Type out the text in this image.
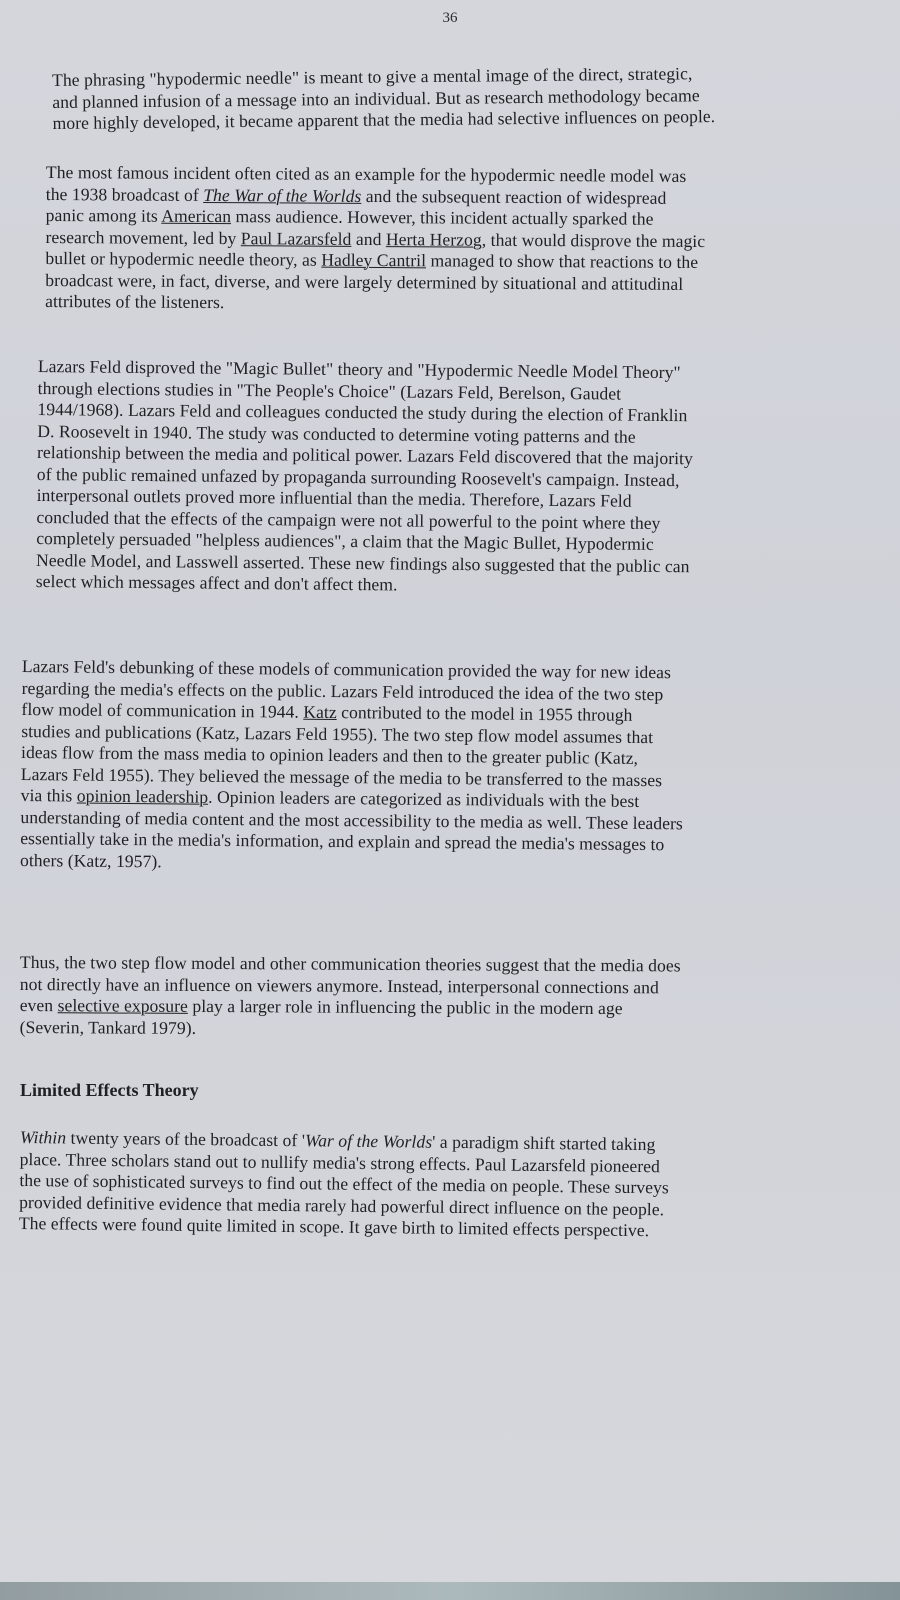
36

The phrasing "hypodermic needle" is meant to give a mental image of the direct, strategic,

and planned infusion of a message into an individual. But as research methodology became

more highly developed, it became apparent that the media had selective influences on people.

The most famous incident often cited as an example for the hypodermic needle model was

the 1938 broadcast of The War of the Worlds and the subsequent reaction of widespread

panic among its American mass audience. However, this incident actually sparked the

research movement, led by Paul Lazarsfeld and Herta Herzog, that would disprove the magic

bullet or hypodermic needle theory, as Hadley Cantril managed to show that reactions to the

broadcast were, in fact, diverse, and were largely determined by situational and attitudinal

attributes of the listeners.

Lazars Feld disproved the "Magic Bullet" theory and "Hypodermic Needle Model Theory"

through elections studies in "The People's Choice" (Lazars Feld, Berelson, Gaudet

1944/1968). Lazars Feld and colleagues conducted the study during the election of Franklin

D. Roosevelt in 1940. The study was conducted to determine voting patterns and the

relationship between the media and political power. Lazars Feld discovered that the majority

of the public remained unfazed by propaganda surrounding Roosevelt's campaign. Instead,

interpersonal outlets proved more influential than the media. Therefore, Lazars Feld

concluded that the effects of the campaign were not all powerful to the point where they

completely persuaded "helpless audiences", a claim that the Magic Bullet, Hypodermic

Needle Model, and Lasswell asserted. These new findings also suggested that the public can

select which messages affect and don't affect them.

Lazars Feld's debunking of these models of communication provided the way for new ideas

regarding the media's effects on the public. Lazars Feld introduced the idea of the two step

flow model of communication in 1944. Katz contributed to the model in 1955 through

studies and publications (Katz, Lazars Feld 1955). The two step flow model assumes that

ideas flow from the mass media to opinion leaders and then to the greater public (Katz,

Lazars Feld 1955). They believed the message of the media to be transferred to the masses

via this opinion leadership. Opinion leaders are categorized as individuals with the best

understanding of media content and the most accessibility to the media as well. These leaders

essentially take in the media's information, and explain and spread the media's messages to

others (Katz, 1957).

Thus, the two step flow model and other communication theories suggest that the media does

not directly have an influence on viewers anymore. Instead, interpersonal connections and

even selective exposure play a larger role in influencing the public in the modern age

(Severin, Tankard 1979).

Limited Effects Theory

Within twenty years of the broadcast of 'War of the Worlds' a paradigm shift started taking

place. Three scholars stand out to nullify media's strong effects. Paul Lazarsfeld pioneered

the use of sophisticated surveys to find out the effect of the media on people. These surveys

provided definitive evidence that media rarely had powerful direct influence on the people.

The effects were found quite limited in scope. It gave birth to limited effects perspective.
